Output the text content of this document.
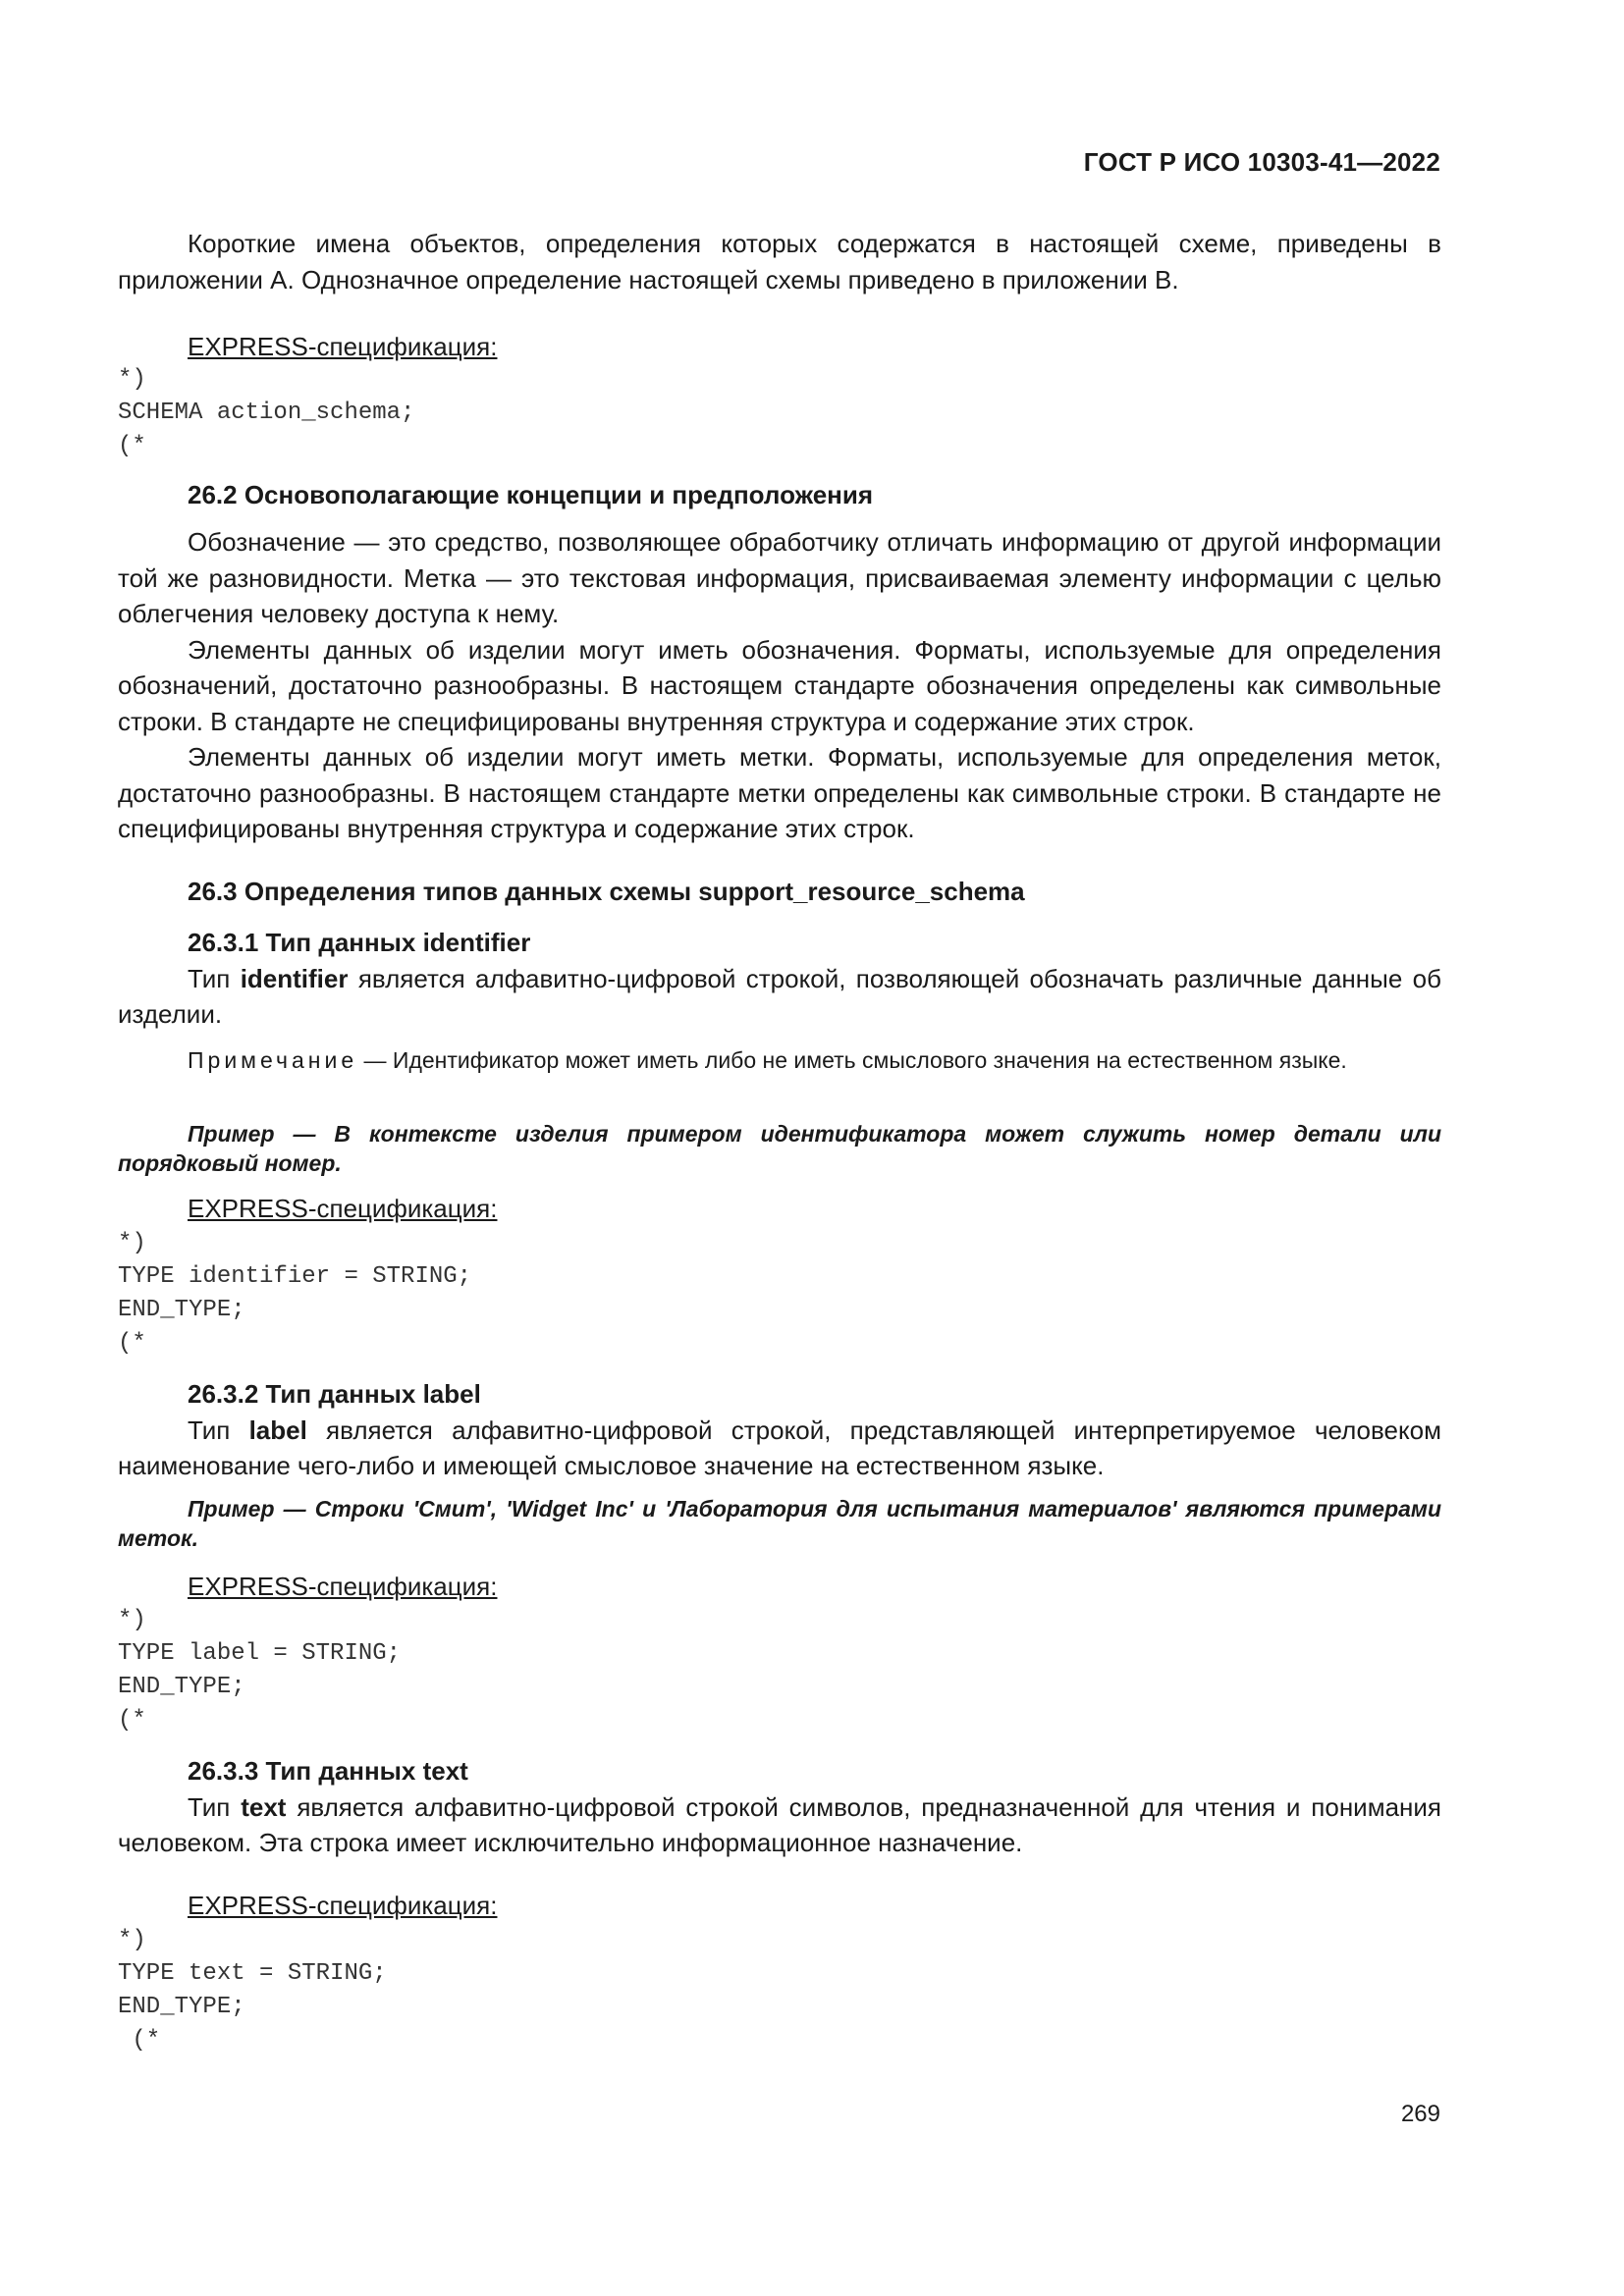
ГОСТ Р ИСО 10303-41—2022

Короткие имена объектов, определения которых содержатся в настоящей схеме, приведены в приложении А. Однозначное определение настоящей схемы приведено в приложении В.

EXPRESS-спецификация:

*)
SCHEMA action_schema;
(*

26.2 Основополагающие концепции и предположения

Обозначение — это средство, позволяющее обработчику отличать информацию от другой информации той же разновидности. Метка — это текстовая информация, присваиваемая элементу информации с целью облегчения человеку доступа к нему.

Элементы данных об изделии могут иметь обозначения. Форматы, используемые для определения обозначений, достаточно разнообразны. В настоящем стандарте обозначения определены как символьные строки. В стандарте не специфицированы внутренняя структура и содержание этих строк.

Элементы данных об изделии могут иметь метки. Форматы, используемые для определения меток, достаточно разнообразны. В настоящем стандарте метки определены как символьные строки. В стандарте не специфицированы внутренняя структура и содержание этих строк.

26.3 Определения типов данных схемы support_resource_schema

26.3.1 Тип данных identifier

Тип identifier является алфавитно-цифровой строкой, позволяющей обозначать различные данные об изделии.

Примечание — Идентификатор может иметь либо не иметь смыслового значения на естественном языке.

Пример — В контексте изделия примером идентификатора может служить номер детали или порядковый номер.

EXPRESS-спецификация:

*)
TYPE identifier = STRING;
END_TYPE;
(*

26.3.2 Тип данных label

Тип label является алфавитно-цифровой строкой, представляющей интерпретируемое человеком наименование чего-либо и имеющей смысловое значение на естественном языке.

Пример — Строки 'Смит', 'Widget Inc' и 'Лаборатория для испытания материалов' являются примерами меток.

EXPRESS-спецификация:

*)
TYPE label = STRING;
END_TYPE;
(*

26.3.3 Тип данных text

Тип text является алфавитно-цифровой строкой символов, предназначенной для чтения и понимания человеком. Эта строка имеет исключительно информационное назначение.

EXPRESS-спецификация:

*)
TYPE text = STRING;
END_TYPE;
(*
269
